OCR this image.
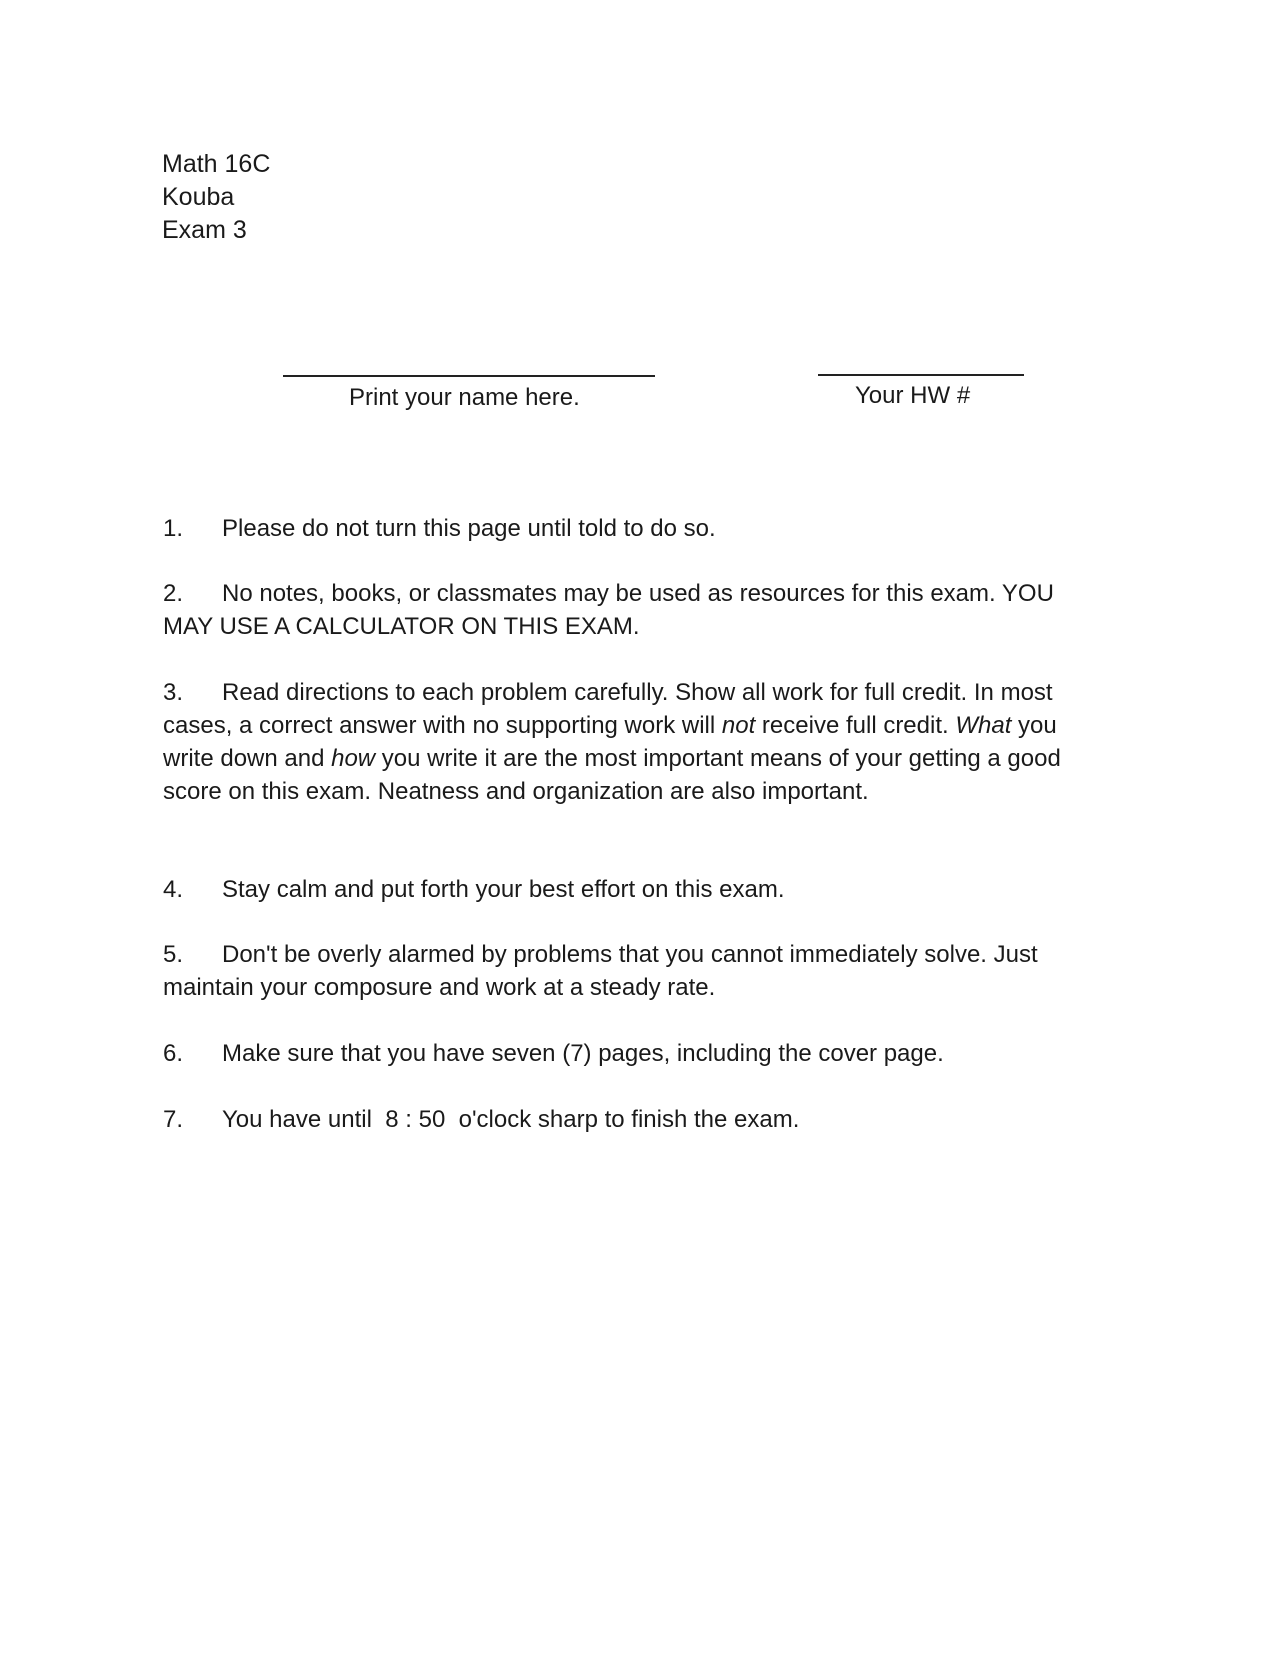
Math 16C
Kouba
Exam 3
Print your name here.	Your HW #
1. Please do not turn this page until told to do so.
2. No notes, books, or classmates may be used as resources for this exam. YOU MAY USE A CALCULATOR ON THIS EXAM.
3. Read directions to each problem carefully. Show all work for full credit. In most cases, a correct answer with no supporting work will not receive full credit. What you write down and how you write it are the most important means of your getting a good score on this exam. Neatness and organization are also important.
4. Stay calm and put forth your best effort on this exam.
5. Don't be overly alarmed by problems that you cannot immediately solve. Just maintain your composure and work at a steady rate.
6. Make sure that you have seven (7) pages, including the cover page.
7. You have until  8 : 50  o'clock sharp to finish the exam.
